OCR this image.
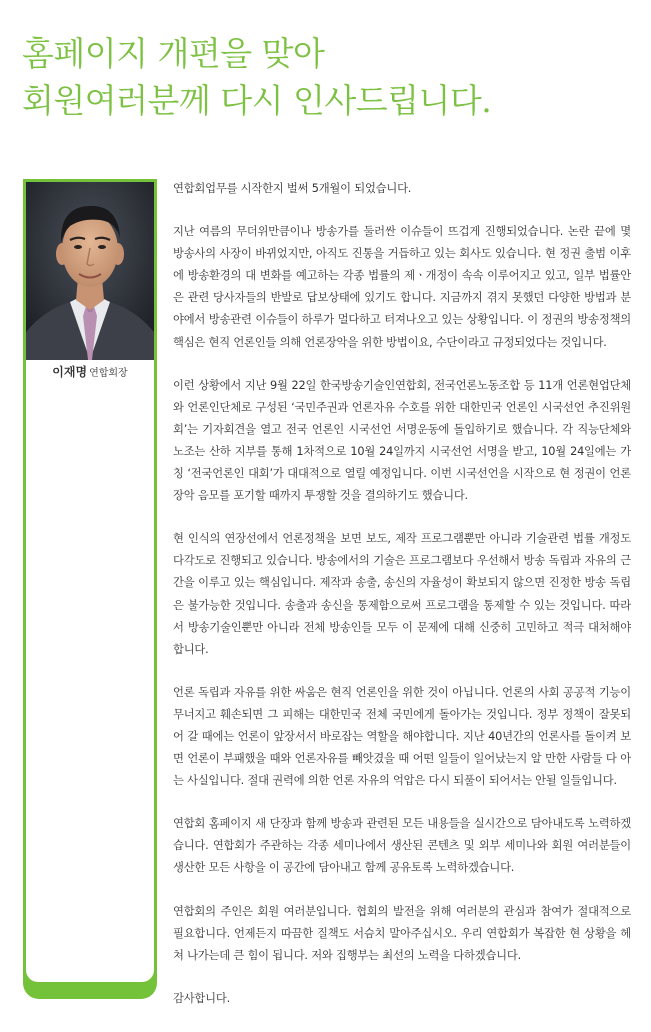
홈페이지 개편을 맞아
회원여러분께 다시 인사드립니다.
이재명 연합회장

연합회업무를 시작한지 벌써 5개월이 되었습니다.

지난 여름의 무더위만큼이나 방송가를 둘러싼 이슈들이 뜨겁게 진행되었습니다. 논란 끝에 몇 방송사의 사장이 바뀌었지만, 아직도 진통을 거듭하고 있는 회사도 있습니다. 현 정권 출범 이후에 방송환경의 대 변화를 예고하는 각종 법률의 제ㆍ개정이 속속 이루어지고 있고, 일부 법률안은 관련 당사자들의 반발로 답보상태에 있기도 합니다. 지금까지 겪지 못했던 다양한 방법과 분야에서 방송관련 이슈들이 하루가 멀다하고 터져나오고 있는 상황입니다. 이 정권의 방송정책의 핵심은 현직 언론인들 의해 언론장악을 위한 방법이요, 수단이라고 규정되었다는 것입니다.

이런 상황에서 지난 9월 22일 한국방송기술인연합회, 전국언론노동조합 등 11개 언론현업단체와 언론인단체로 구성된 ‘국민주권과 언론자유 수호를 위한 대한민국 언론인 시국선언 추진위원회’는 기자회견을 열고 전국 언론인 시국선언 서명운동에 돌입하기로 했습니다. 각 직능단체와 노조는 산하 지부를 통해 1차적으로 10월 24일까지 시국선언 서명을 받고, 10월 24일에는 가칭 ‘전국언론인 대회’가 대대적으로 열릴 예정입니다. 이번 시국선언을 시작으로 현 정권이 언론장악 음모를 포기할 때까지 투쟁할 것을 결의하기도 했습니다.

현 인식의 연장선에서 언론정책을 보면 보도, 제작 프로그램뿐만 아니라 기술관련 법률 개정도 다각도로 진행되고 있습니다. 방송에서의 기술은 프로그램보다 우선해서 방송 독립과 자유의 근간을 이루고 있는 핵심입니다. 제작과 송출, 송신의 자율성이 확보되지 않으면 진정한 방송 독립은 불가능한 것입니다. 송출과 송신을 통제함으로써 프로그램을 통제할 수 있는 것입니다. 따라서 방송기술인뿐만 아니라 전체 방송인들 모두 이 문제에 대해 신중히 고민하고 적극 대처해야합니다.

언론 독립과 자유를 위한 싸움은 현직 언론인을 위한 것이 아닙니다. 언론의 사회 공공적 기능이 무너지고 훼손되면 그 피해는 대한민국 전체 국민에게 돌아가는 것입니다. 정부 정책이 잘못되어 갈 때에는 언론이 앞장서서 바로잡는 역할을 해야합니다. 지난 40년간의 언론사를 돌이켜 보면 언론이 부패했을 때와 언론자유를 빼앗겼을 때 어떤 일들이 일어났는지 알 만한 사람들 다 아는 사실입니다. 절대 권력에 의한 언론 자유의 억압은 다시 되풀이 되어서는 안될 일들입니다.

연합회 홈페이지 새 단장과 함께 방송과 관련된 모든 내용들을 실시간으로 담아내도록 노력하겠습니다. 연합회가 주관하는 각종 세미나에서 생산된 콘텐츠 및 외부 세미나와 회원 여러분들이 생산한 모든 사항을 이 공간에 담아내고 함께 공유토록 노력하겠습니다.

연합회의 주인은 회원 여러분입니다. 협회의 발전을 위해 여러분의 관심과 참여가 절대적으로 필요합니다. 언제든지 따끔한 질책도 서슴치 말아주십시오. 우리 연합회가 복잡한 현 상황을 헤쳐 나가는데 큰 힘이 됩니다. 저와 집행부는 최선의 노력을 다하겠습니다.

감사합니다.
